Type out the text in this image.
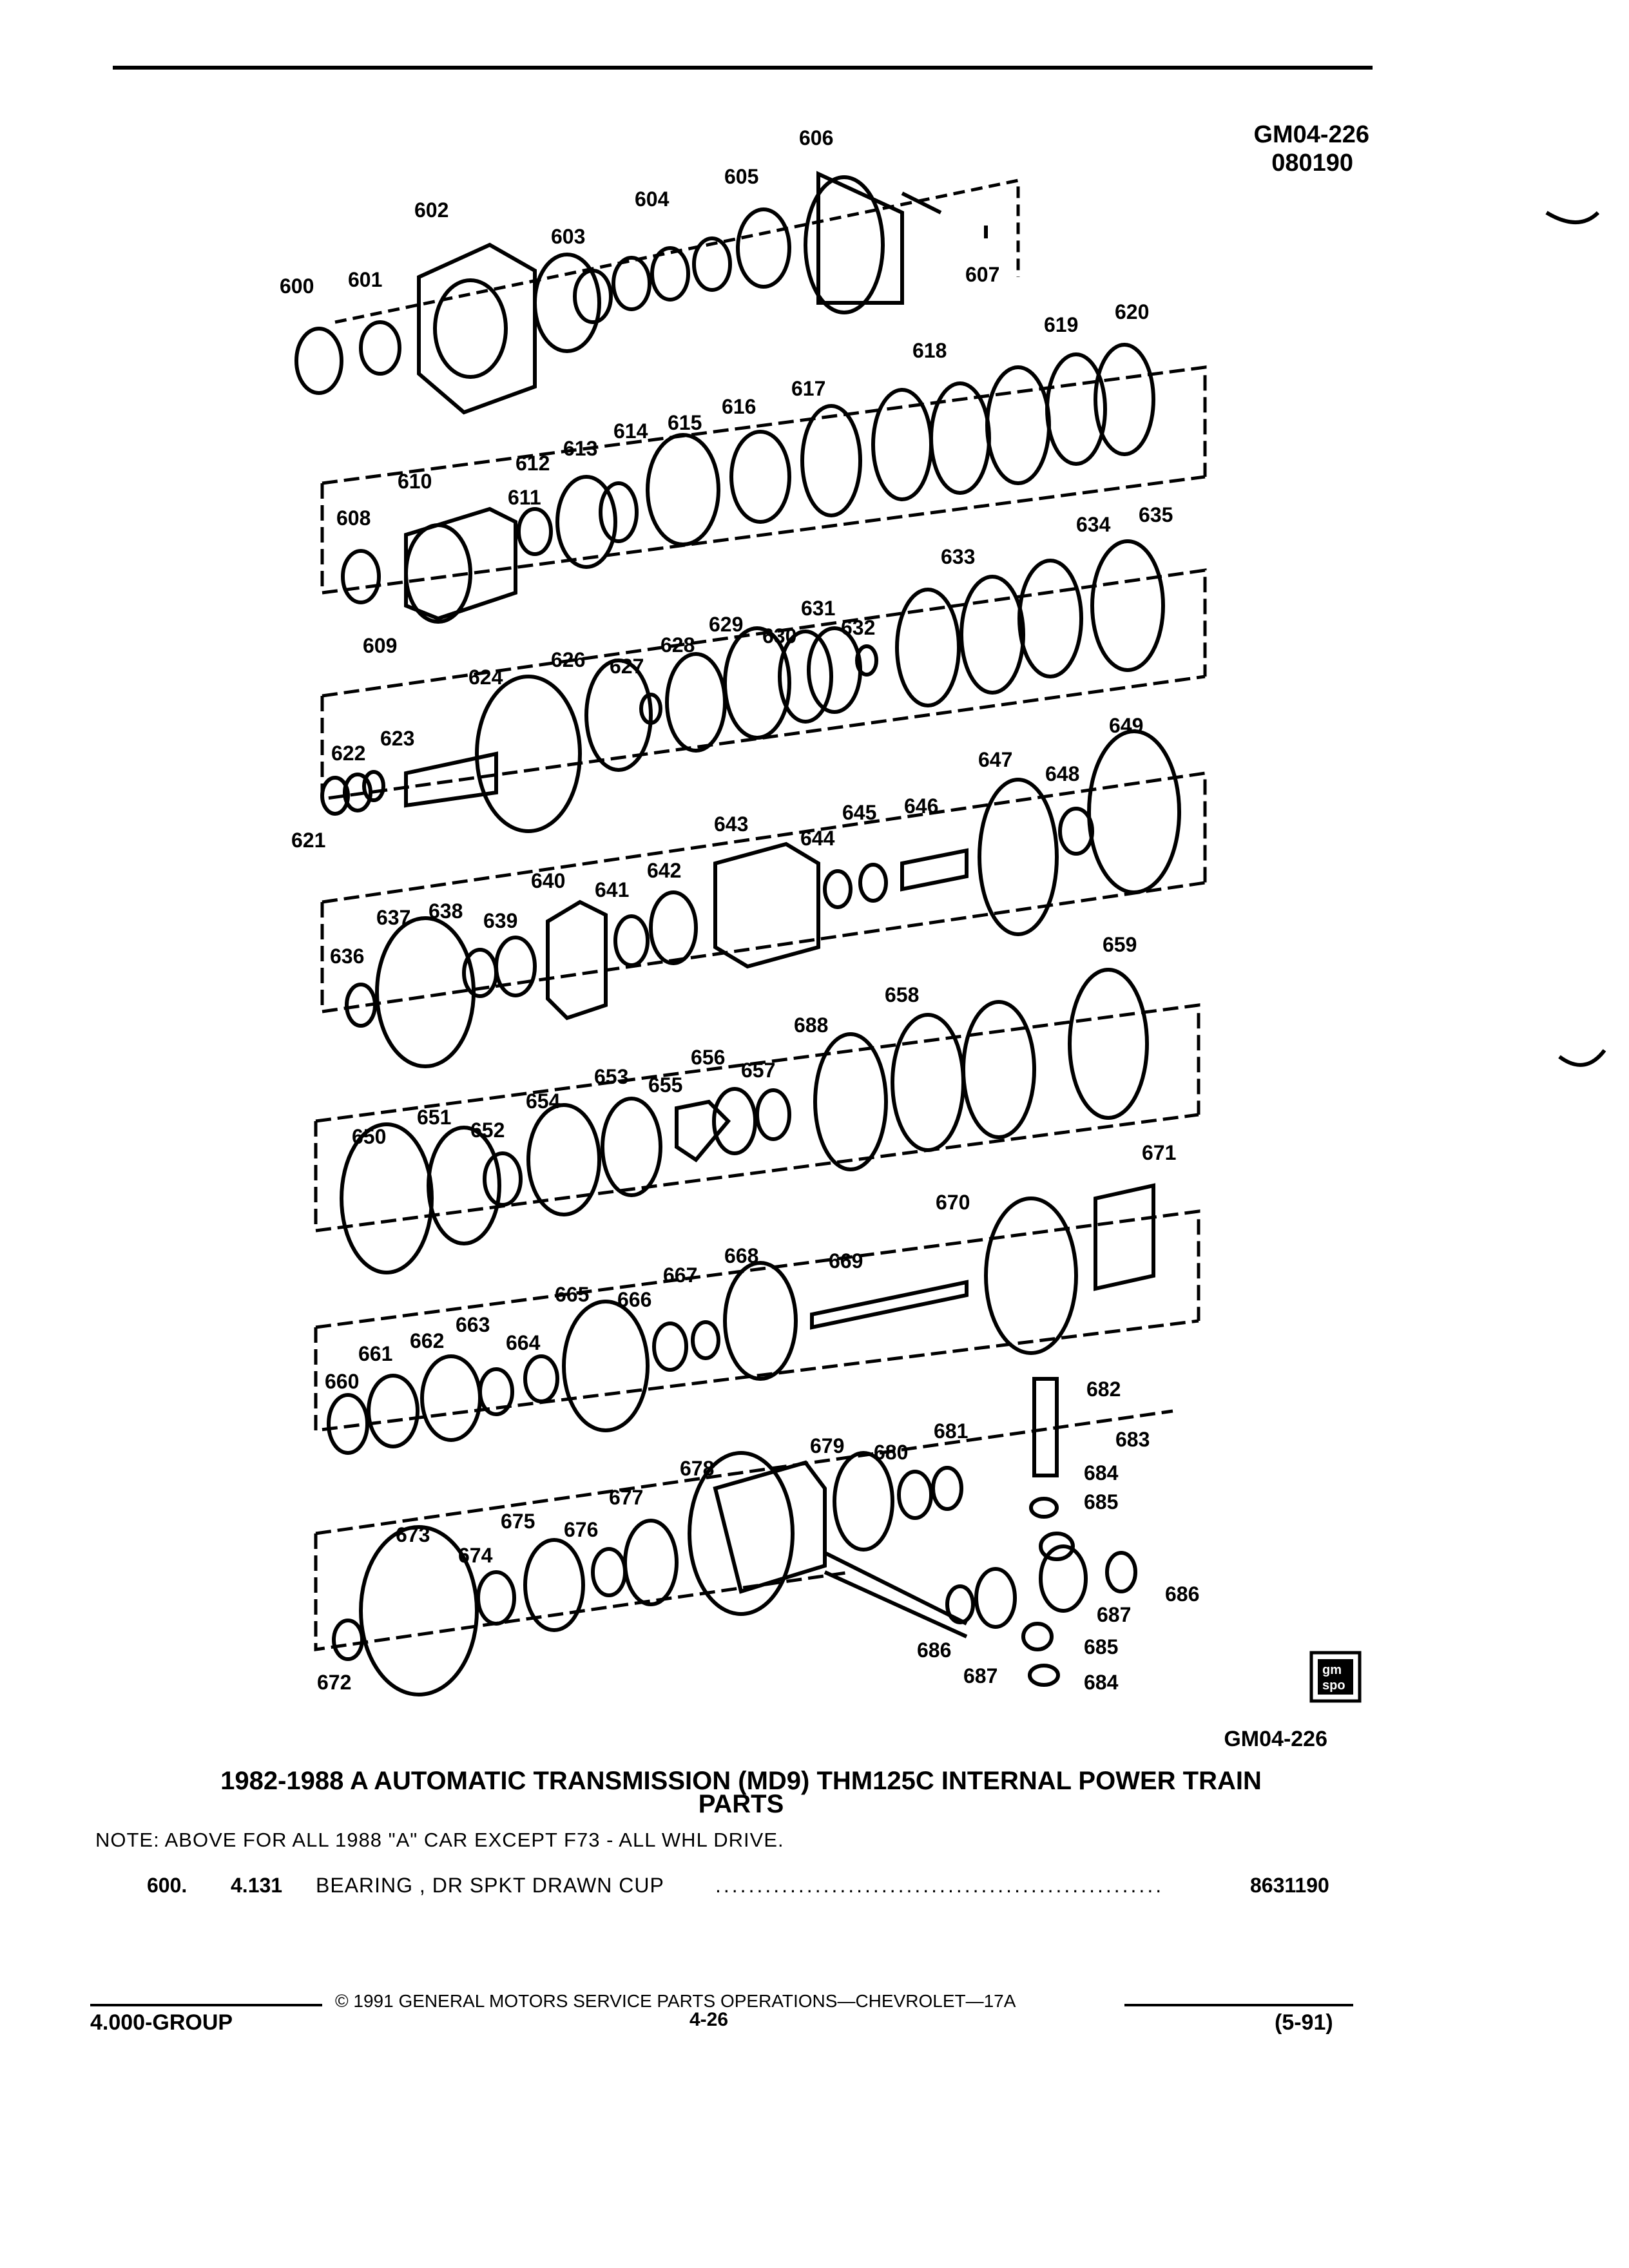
GM04-226
080190
600 601
602
603
604
605
606
607
608
609
610
611
612
613
614 615
616
617
618
619
620
621
622
623
624
626 627
628
629 630
631
632
633
634 635
636
637 638 639
640 641
642
643
644
645 646
647
648
649
650
651
652
653
654
655
656
657
688
658
659
660
661
662
663
664
665 666
667
668	669
670
671
672
673
674
675 676
677
678
679 680
681
682
683
684
685
686
687
686
687
685
684
gm
spo
GM04-226
1982-1988 A AUTOMATIC TRANSMISSION (MD9) THM125C INTERNAL POWER TRAIN
PARTS
NOTE: ABOVE FOR ALL 1988 "A" CAR EXCEPT F73 - ALL WHL DRIVE.
600. 4.131 BEARING , DR SPKT DRAWN CUP ......................................................	8631190
© 1991 GENERAL MOTORS SERVICE PARTS OPERATIONS—CHEVROLET—17A
4.000-GROUP	4-26	(5-91)
